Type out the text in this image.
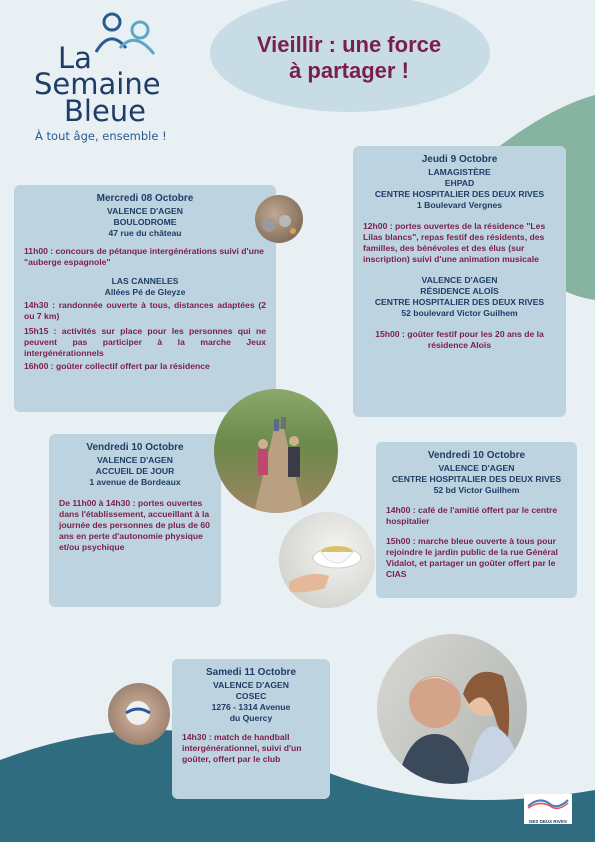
Vieillir : une force
à partager !
La
Semaine
Bleue
À tout âge, ensemble !
Mercredi 08 Octobre
VALENCE D'AGEN
BOULODROME
47 rue du château

11h00 : concours de pétanque intergénérations suivi d'une "auberge espagnole"

LAS CANNELES
Allées Pé de Gleyze

14h30 : randonnée ouverte à tous, distances adaptées (2 ou 7 km)

15h15 : activités sur place pour les personnes qui ne peuvent pas participer à la marche Jeux intergénérationnels

16h00 : goûter collectif offert par la résidence

Jeudi 9 Octobre
LAMAGISTÈRE
EHPAD
CENTRE HOSPITALIER DES DEUX RIVES
1 Boulevard Vergnes

12h00 : portes ouvertes de la résidence "Les Lilas blancs", repas festif des résidents, des familles, des bénévoles et des élus (sur inscription) suivi d'une animation musicale

VALENCE D'AGEN
RÉSIDENCE ALOÏS
CENTRE HOSPITALIER DES DEUX RIVES
52 boulevard Victor Guilhem

15h00 : goûter festif pour les 20 ans de la résidence Aloïs

Vendredi 10 Octobre
VALENCE D'AGEN
ACCUEIL DE JOUR
1 avenue de Bordeaux

De 11h00 à 14h30 : portes ouvertes dans l'établissement, accueillant à la journée des personnes de plus de 60 ans en perte d'autonomie physique et/ou psychique

Vendredi 10 Octobre
VALENCE D'AGEN
CENTRE HOSPITALIER DES DEUX RIVES
52 bd Victor Guilhem

14h00 : café de l'amitié offert par le centre hospitalier

15h00 : marche bleue ouverte à tous pour rejoindre le jardin public de la rue Général Vidalot, et partager un goûter offert par le CIAS

Samedi 11 Octobre
VALENCE D'AGEN
COSEC
1276 - 1314 Avenue
du Quercy

14h30 : match de handball intergénérationnel, suivi d'un goûter, offert par le club

DES DEUX RIVES
